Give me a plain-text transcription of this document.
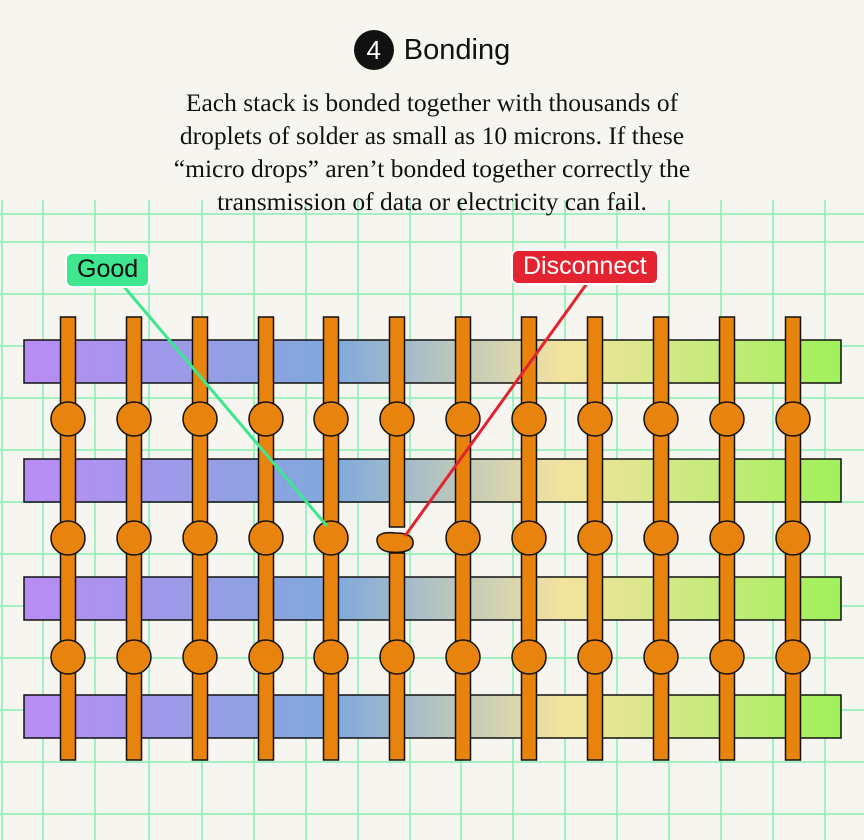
4 Bonding

Each stack is bonded together with thousands of
droplets of solder as small as 10 microns. If these
“micro drops” aren’t bonded together correctly the
transmission of data or electricity can fail.

Good	Disconnect
